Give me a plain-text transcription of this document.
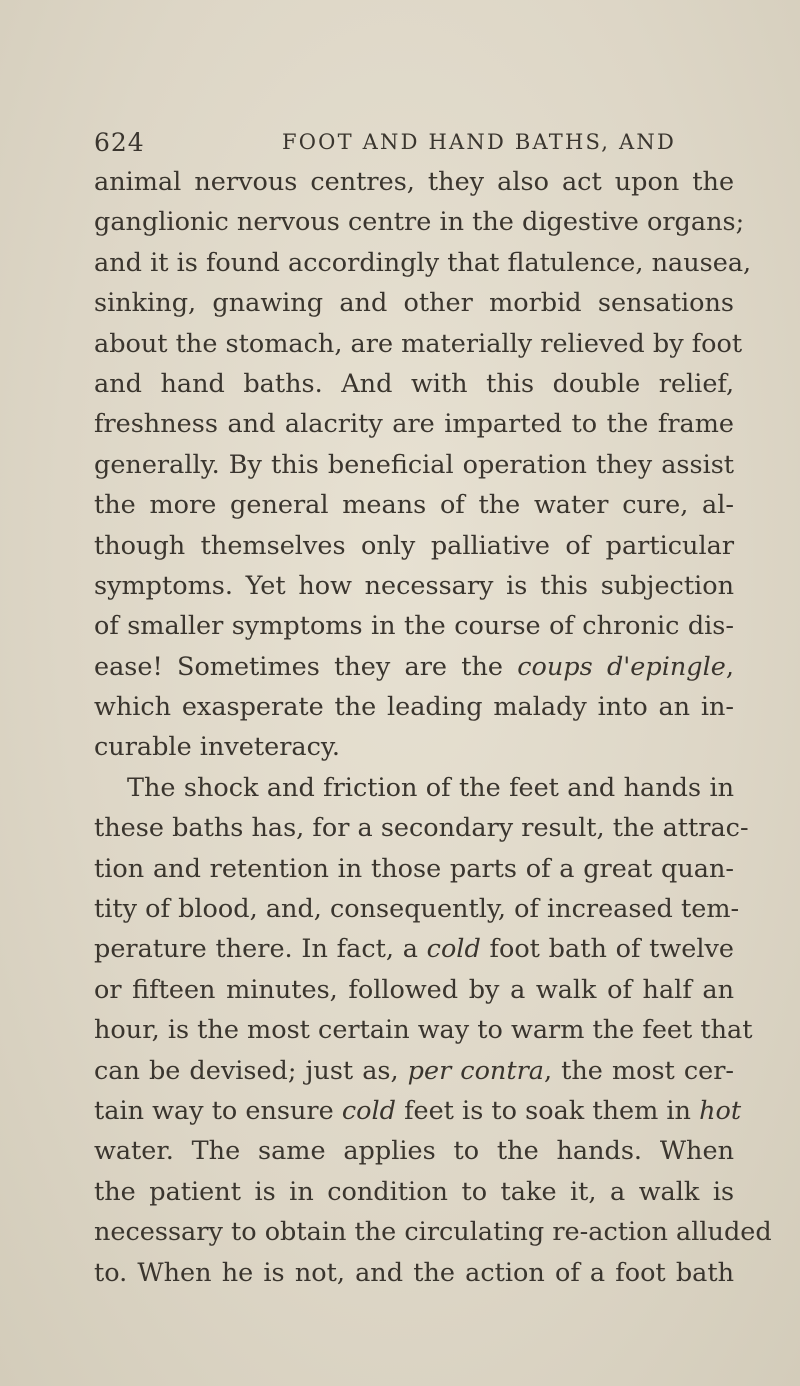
624	FOOT AND HAND BATHS, AND
animal nervous centres, they also act upon the
ganglionic nervous centre in the digestive organs;
and it is found accordingly that flatulence, nausea,
sinking, gnawing and other morbid sensations
about the stomach, are materially relieved by foot
and hand baths. And with this double relief,
freshness and alacrity are imparted to the frame
generally. By this beneficial operation they assist
the more general means of the water cure, al-
though themselves only palliative of particular
symptoms. Yet how necessary is this subjection
of smaller symptoms in the course of chronic dis-
ease! Sometimes they are the coups d'epingle,
which exasperate the leading malady into an in-
curable inveteracy.
The shock and friction of the feet and hands in
these baths has, for a secondary result, the attrac-
tion and retention in those parts of a great quan-
tity of blood, and, consequently, of increased tem-
perature there. In fact, a cold foot bath of twelve
or fifteen minutes, followed by a walk of half an
hour, is the most certain way to warm the feet that
can be devised; just as, per contra, the most cer-
tain way to ensure cold feet is to soak them in hot
water. The same applies to the hands. When
the patient is in condition to take it, a walk is
necessary to obtain the circulating re-action alluded
to. When he is not, and the action of a foot bath
